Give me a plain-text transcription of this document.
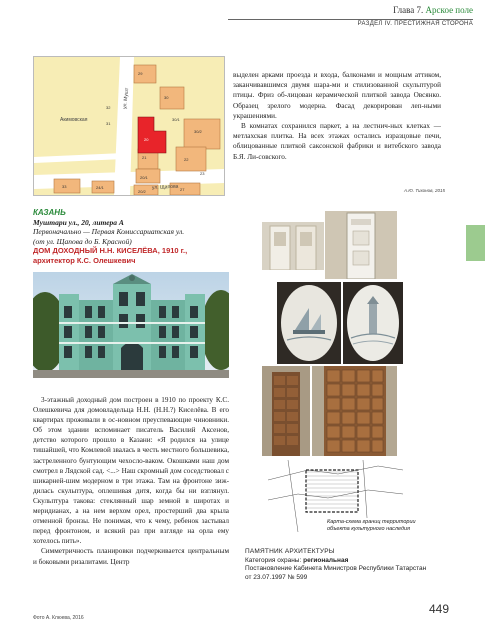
Глава 7. Арское поле
РАЗДЕЛ IV. ПРЕСТИЖНАЯ СТОРОНА
Акимовская
ул. Мушт
ул. Щапова
29
30
32
21
31
20
30/2
30/1
22
23
20/1
33	24/1
20/2	27

выделен арками проезда и входа, балконами и мощным аттиком, заканчивавшимся двумя шара-ми и стилизованной скульптурой птицы. Фриз об-лицован керамической плиткой завода Овсянко. Образец зрелого модерна. Фасад декорирован леп-ными украшениями.

В комнатах сохранился паркет, а на лестнич-ных клетках — метлахская плитка. На всех этажах остались изразцовые печи, облицованные плиткой саксонской фабрики и витебского завода Б.Я. Ли-совского.

А.Ю. Тихонов, 2015
КАЗАНЬ
Муштари ул., 20, литера А
Первоначально — Первая Комиссариатская ул.
(от ул. Щапова до Б. Красной)
ДОМ ДОХОДНЫЙ Н.Н. КИСЕЛЁВА, 1910 г.,
архитектор К.С. Олешкевич

3-этажный доходный дом построен в 1910 по проекту К.С. Олешкевича для домовладельца Н.Н. (Н.Н.?) Киселёва. В его квартирах проживали в ос-новном преуспевающие чиновники. Об этом здании вспоминает писатель Василий Аксенов, детство которого прошло в Казани: «Я родился на улице тишайшей, что Комлевой звалась в честь местного большевика, застреленного бунтующим чехосло-ваком. Окошками наш дом смотрел в Лядской сад. <...> Наш скромный дом соседствовал с шикарней-шим модерном в три этажа. Там на фронтоне зиж-дилась скульптура, оплешивая дитя, когда бы ни взглянул. Скульптура такова: стеклянный шар земной в широтах и меридианах, а на нем верхом орел, простерший два крыла отменной бронзы. Не понимая, что к чему, ребенок застывал перед фронтоном, и всякий раз при взгляде на орла ему хотелось пить».

Симметричность планировки подчеркивается центральным и боковыми ризалитами. Центр

Карта-схема границ территории объекта культурного наследия
ПАМЯТНИК АРХИТЕКТУРЫ
Категория охраны: региональная
Постановление Кабинета Министров Республики Татарстан
от 23.07.1997 № 599
Фото А. Клюева, 2016
449
